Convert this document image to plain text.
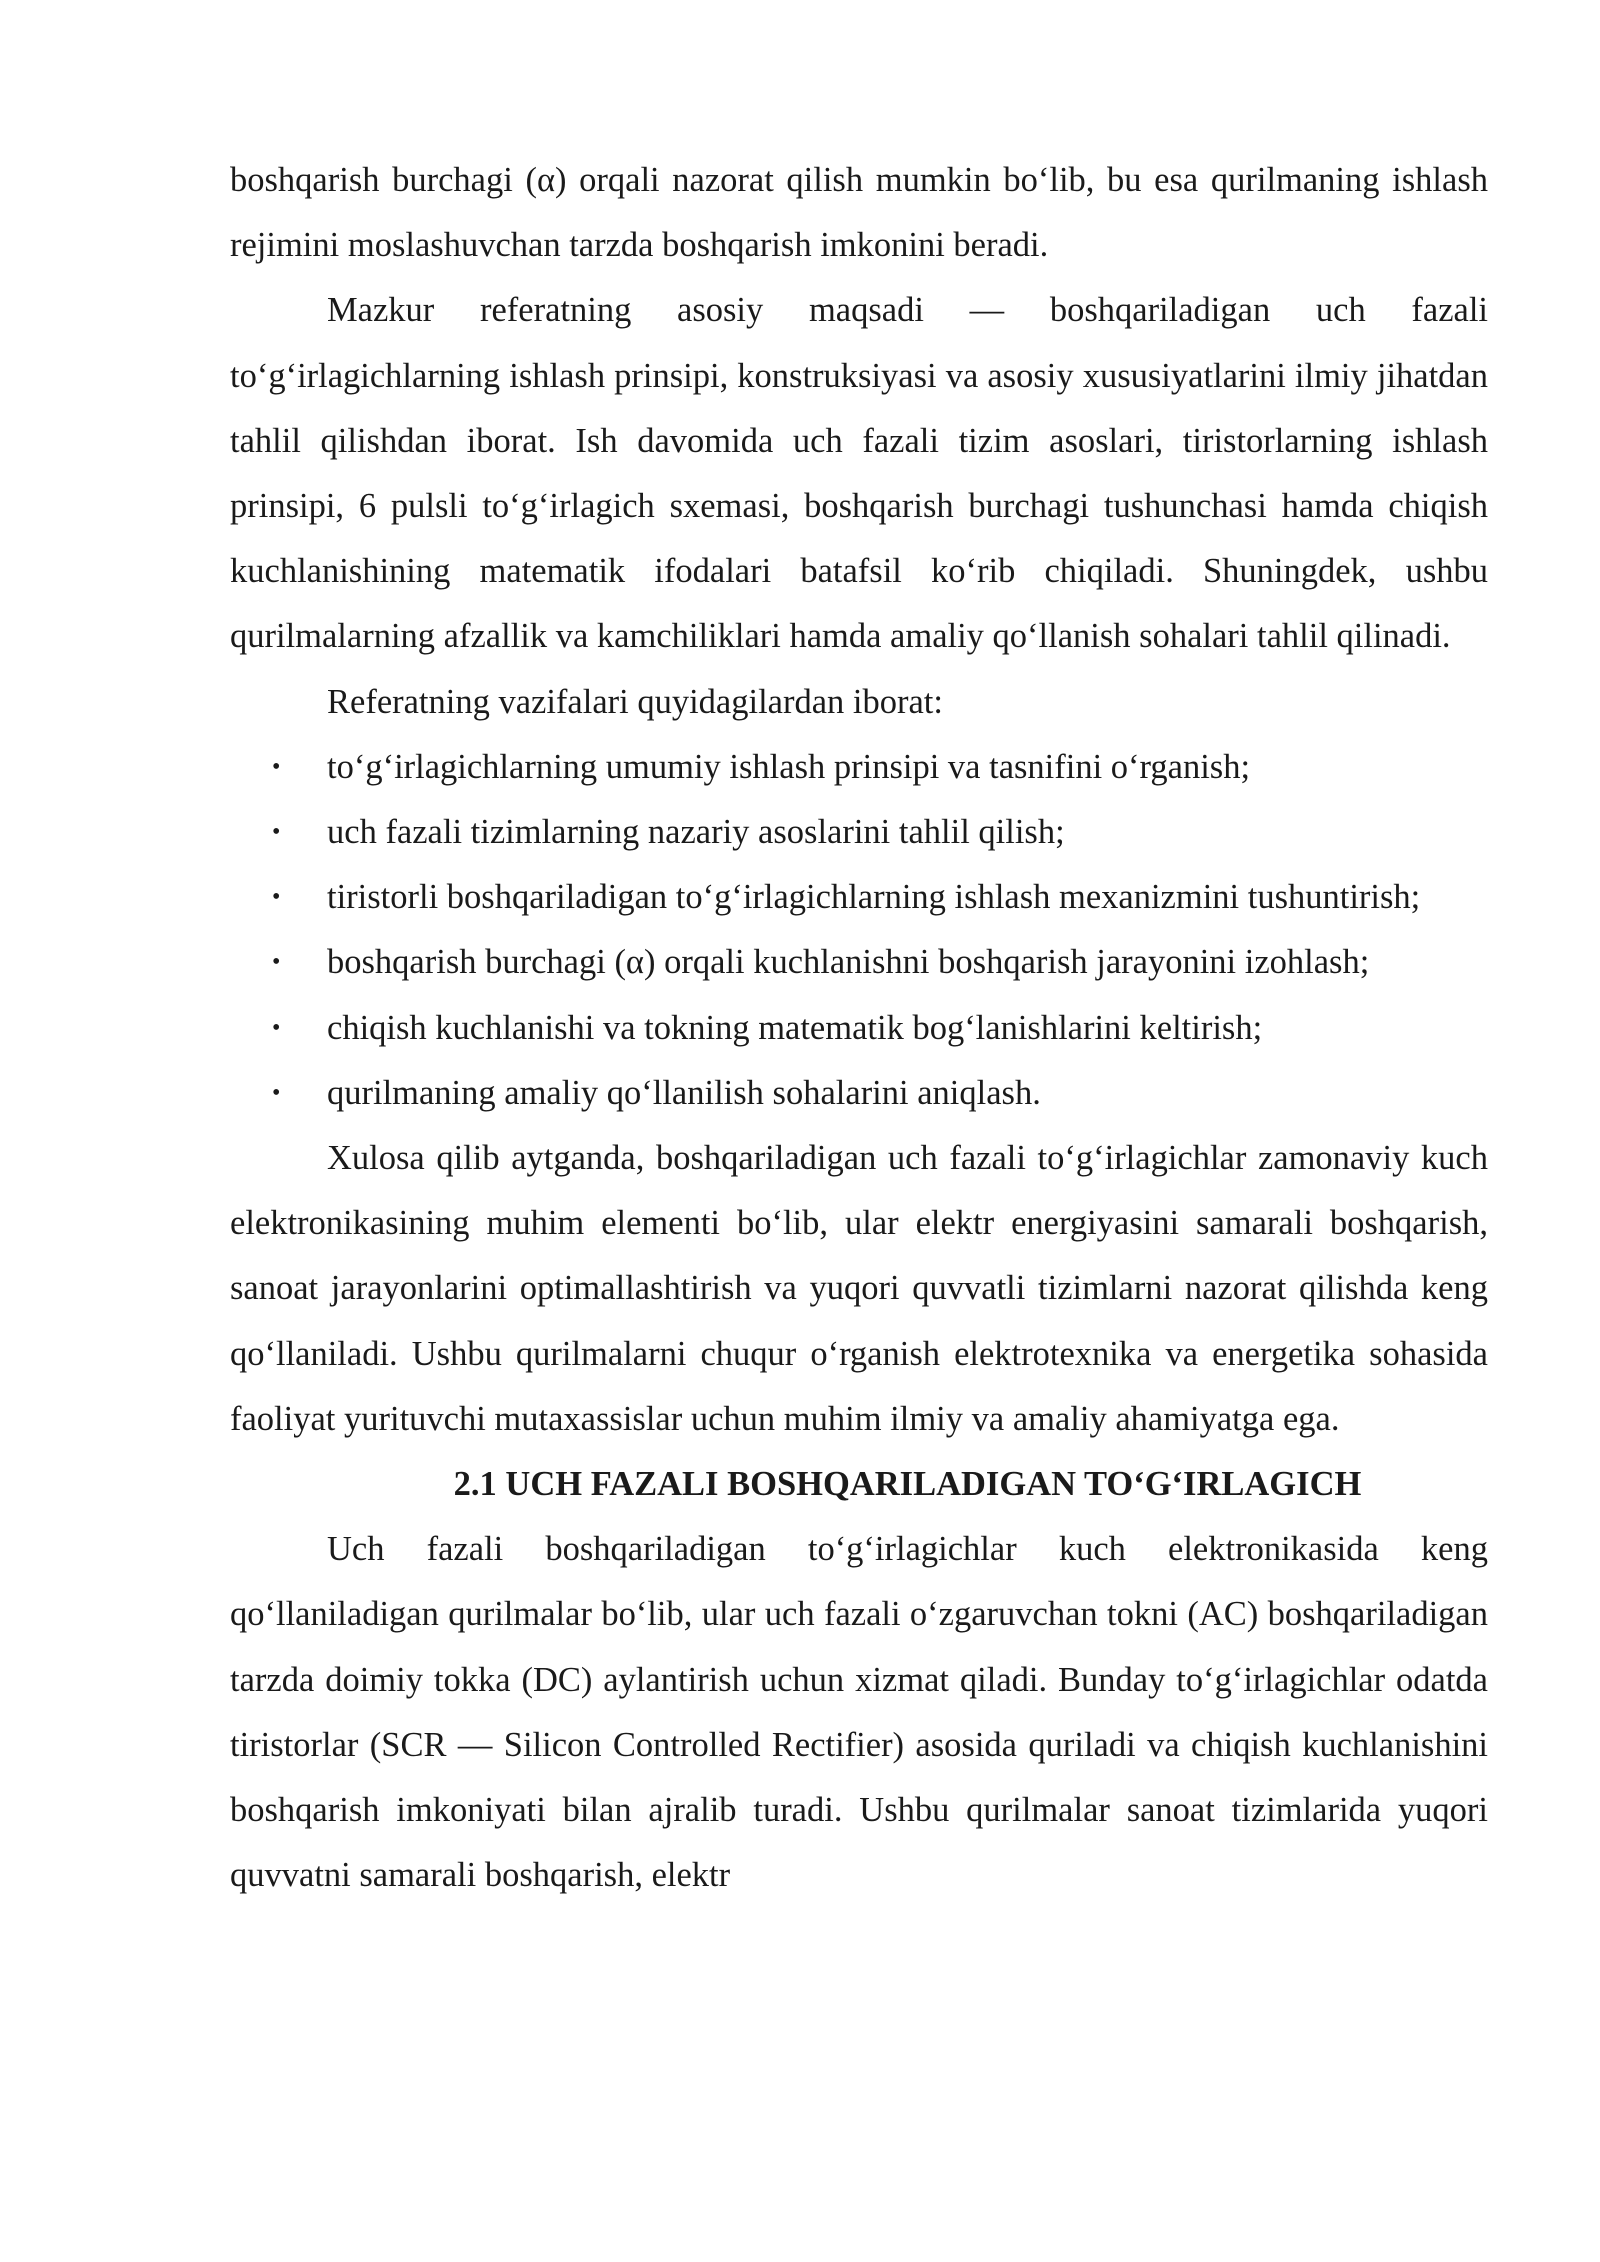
boshqarish burchagi (α) orqali nazorat qilish mumkin bo‘lib, bu esa qurilmaning ishlash rejimini moslashuvchan tarzda boshqarish imkonini beradi.

Mazkur referatning asosiy maqsadi — boshqariladigan uch fazali to‘g‘irlagichlarning ishlash prinsipi, konstruksiyasi va asosiy xususiyatlarini ilmiy jihatdan tahlil qilishdan iborat. Ish davomida uch fazali tizim asoslari, tiristorlarning ishlash prinsipi, 6 pulsli to‘g‘irlagich sxemasi, boshqarish burchagi tushunchasi hamda chiqish kuchlanishining matematik ifodalari batafsil ko‘rib chiqiladi. Shuningdek, ushbu qurilmalarning afzallik va kamchiliklari hamda amaliy qo‘llanish sohalari tahlil qilinadi.

Referatning vazifalari quyidagilardan iborat:

• to‘g‘irlagichlarning umumiy ishlash prinsipi va tasnifini o‘rganish;
• uch fazali tizimlarning nazariy asoslarini tahlil qilish;
• tiristorli boshqariladigan to‘g‘irlagichlarning ishlash mexanizmini tushuntirish;
• boshqarish burchagi (α) orqali kuchlanishni boshqarish jarayonini izohlash;
• chiqish kuchlanishi va tokning matematik bog‘lanishlarini keltirish;
• qurilmaning amaliy qo‘llanilish sohalarini aniqlash.

Xulosa qilib aytganda, boshqariladigan uch fazali to‘g‘irlagichlar zamonaviy kuch elektronikasining muhim elementi bo‘lib, ular elektr energiyasini samarali boshqarish, sanoat jarayonlarini optimallashtirish va yuqori quvvatli tizimlarni nazorat qilishda keng qo‘llaniladi. Ushbu qurilmalarni chuqur o‘rganish elektrotexnika va energetika sohasida faoliyat yurituvchi mutaxassislar uchun muhim ilmiy va amaliy ahamiyatga ega.

2.1 UCH FAZALI BOSHQARILADIGAN TO‘G‘IRLAGICH

Uch fazali boshqariladigan to‘g‘irlagichlar kuch elektronikasida keng qo‘llaniladigan qurilmalar bo‘lib, ular uch fazali o‘zgaruvchan tokni (AC) boshqariladigan tarzda doimiy tokka (DC) aylantirish uchun xizmat qiladi. Bunday to‘g‘irlagichlar odatda tiristorlar (SCR — Silicon Controlled Rectifier) asosida quriladi va chiqish kuchlanishini boshqarish imkoniyati bilan ajralib turadi. Ushbu qurilmalar sanoat tizimlarida yuqori quvvatni samarali boshqarish, elektr
